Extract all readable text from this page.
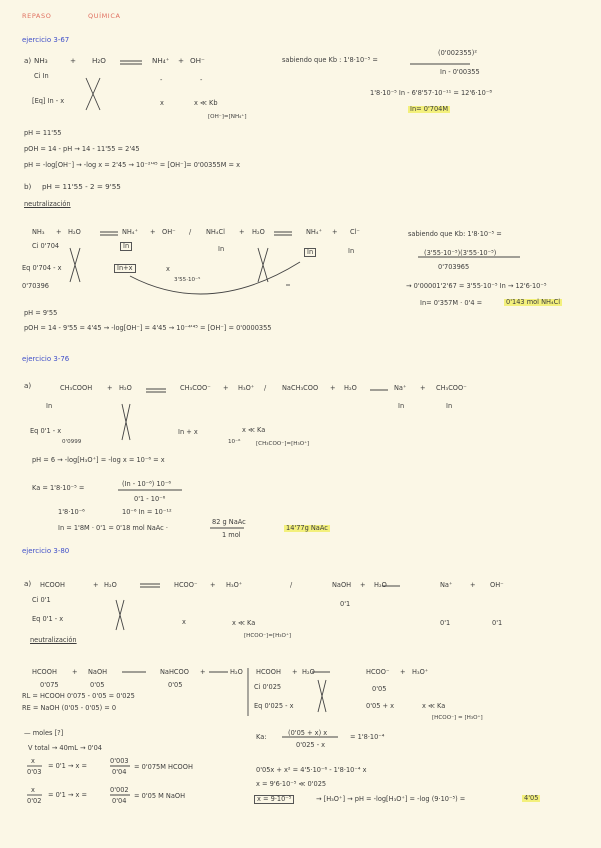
REPASO	QUÍMICA
ejercicio 3-67
a) NH₃	+ H₂O	NH₄⁺ + OH⁻
Ci In	-	-
[Eq] In - x	x	x ≪ Kb
[OH⁻]=[NH₄⁺]
sabiendo que Kb : 1'8·10⁻⁵ =
(0'002355)²
In - 0'00355
1'8·10⁻⁵ In - 6'8'57·10⁻¹¹ = 12'6·10⁻⁸
In= 0'704M
pH = 11'55
pOH = 14 - pH → 14 - 11'55 = 2'45
pH = -log[OH⁻] → -log x = 2'45 → 10⁻²'⁴⁵ = [OH⁻]= 0'00355M = x
b) pH = 11'55 - 2 = 9'55
neutralización
NH₃ + H₂O	NH₄⁺ + OH⁻ / NH₄Cl + H₂O	NH₄⁺ + Cl⁻
Ci 0'704	In	In	In	In
Eq 0'704 - x	In+x	x
3'55·10⁻⁵
sabiendo que Kb: 1'8·10⁻⁵ =
(3'55·10⁻⁵)(3'55·10⁻⁵)
0'703965
→ 0'00001'2'67 = 3'55·10⁻⁵ In → 12'6·10⁻⁵
In= 0'357M · 0'4 =	0'143 mol NH₄Cl
0'70396
pH = 9'55
pOH = 14 - 9'55 = 4'45 → -log[OH⁻] = 4'45 → 10⁻⁴'⁴⁵ = [OH⁻] = 0'0000355
ejercicio 3-76
a)	CH₃COOH + H₂O	CH₃COO⁻ + H₃O⁺ / NaCH₃COO + H₂O	Na⁺ + CH₃COO⁻
In	In	In
Eq 0'1 - x
0'0999
In + x	x ≪ Ka
10⁻⁶	[CH₃COO⁻]=[H₃O⁺]
pH = 6 → -log[H₃O⁺] = -log x = 10⁻⁶ = x
Ka = 1'8·10⁻⁵ =	(In - 10⁻⁶) 10⁻⁶
0'1 - 10⁻⁶
1'8·10⁻⁶	10⁻⁶ In = 10⁻¹²
In = 1'8M · 0'1 = 0'18 mol NaAc ·
82 g NaAc
1 mol
14'77g NaAc
ejercicio 3-80
a) HCOOH	+ H₂O	HCOO⁻ + H₃O⁺	/	NaOH + H₂O	Na⁺	+ OH⁻
Ci 0'1	0'1
Eq 0'1 - x	x	x ≪ Ka
[HCOO⁻]=[H₃O⁺]
0'1	0'1
neutralización
HCOOH + NaOH	NaHCOO +	H₂O
0'075	0'05	0'05
RL = HCOOH 0'075 - 0'05 = 0'025
RE = NaOH (0'05 - 0'05) = 0
HCOOH + H₂O	HCOO⁻ + H₃O⁺
Ci 0'025
Eq 0'025 - x
0'05
0'05 + x	x ≪ Ka
[HCOO⁻] = [H₃O⁺]
— moles [?]
V total → 40mL → 0'04
Ka:	(0'05 + x) x
0'025 - x
= 1'8·10⁻⁴
x
0'03
= 0'1 → x =
0'003
0'04
= 0'075M HCOOH
x
0'02
= 0'1 → x =
0'002
0'04
= 0'05 M NaOH
0'05x + x² = 4'5·10⁻⁶ - 1'8·10⁻⁴ x
x = 9'6·10⁻⁵ ≪ 0'025
x = 9·10⁻⁵	→ [H₃O⁺] → pH = -log[H₃O⁺] = -log (9·10⁻⁵) =	4'05
